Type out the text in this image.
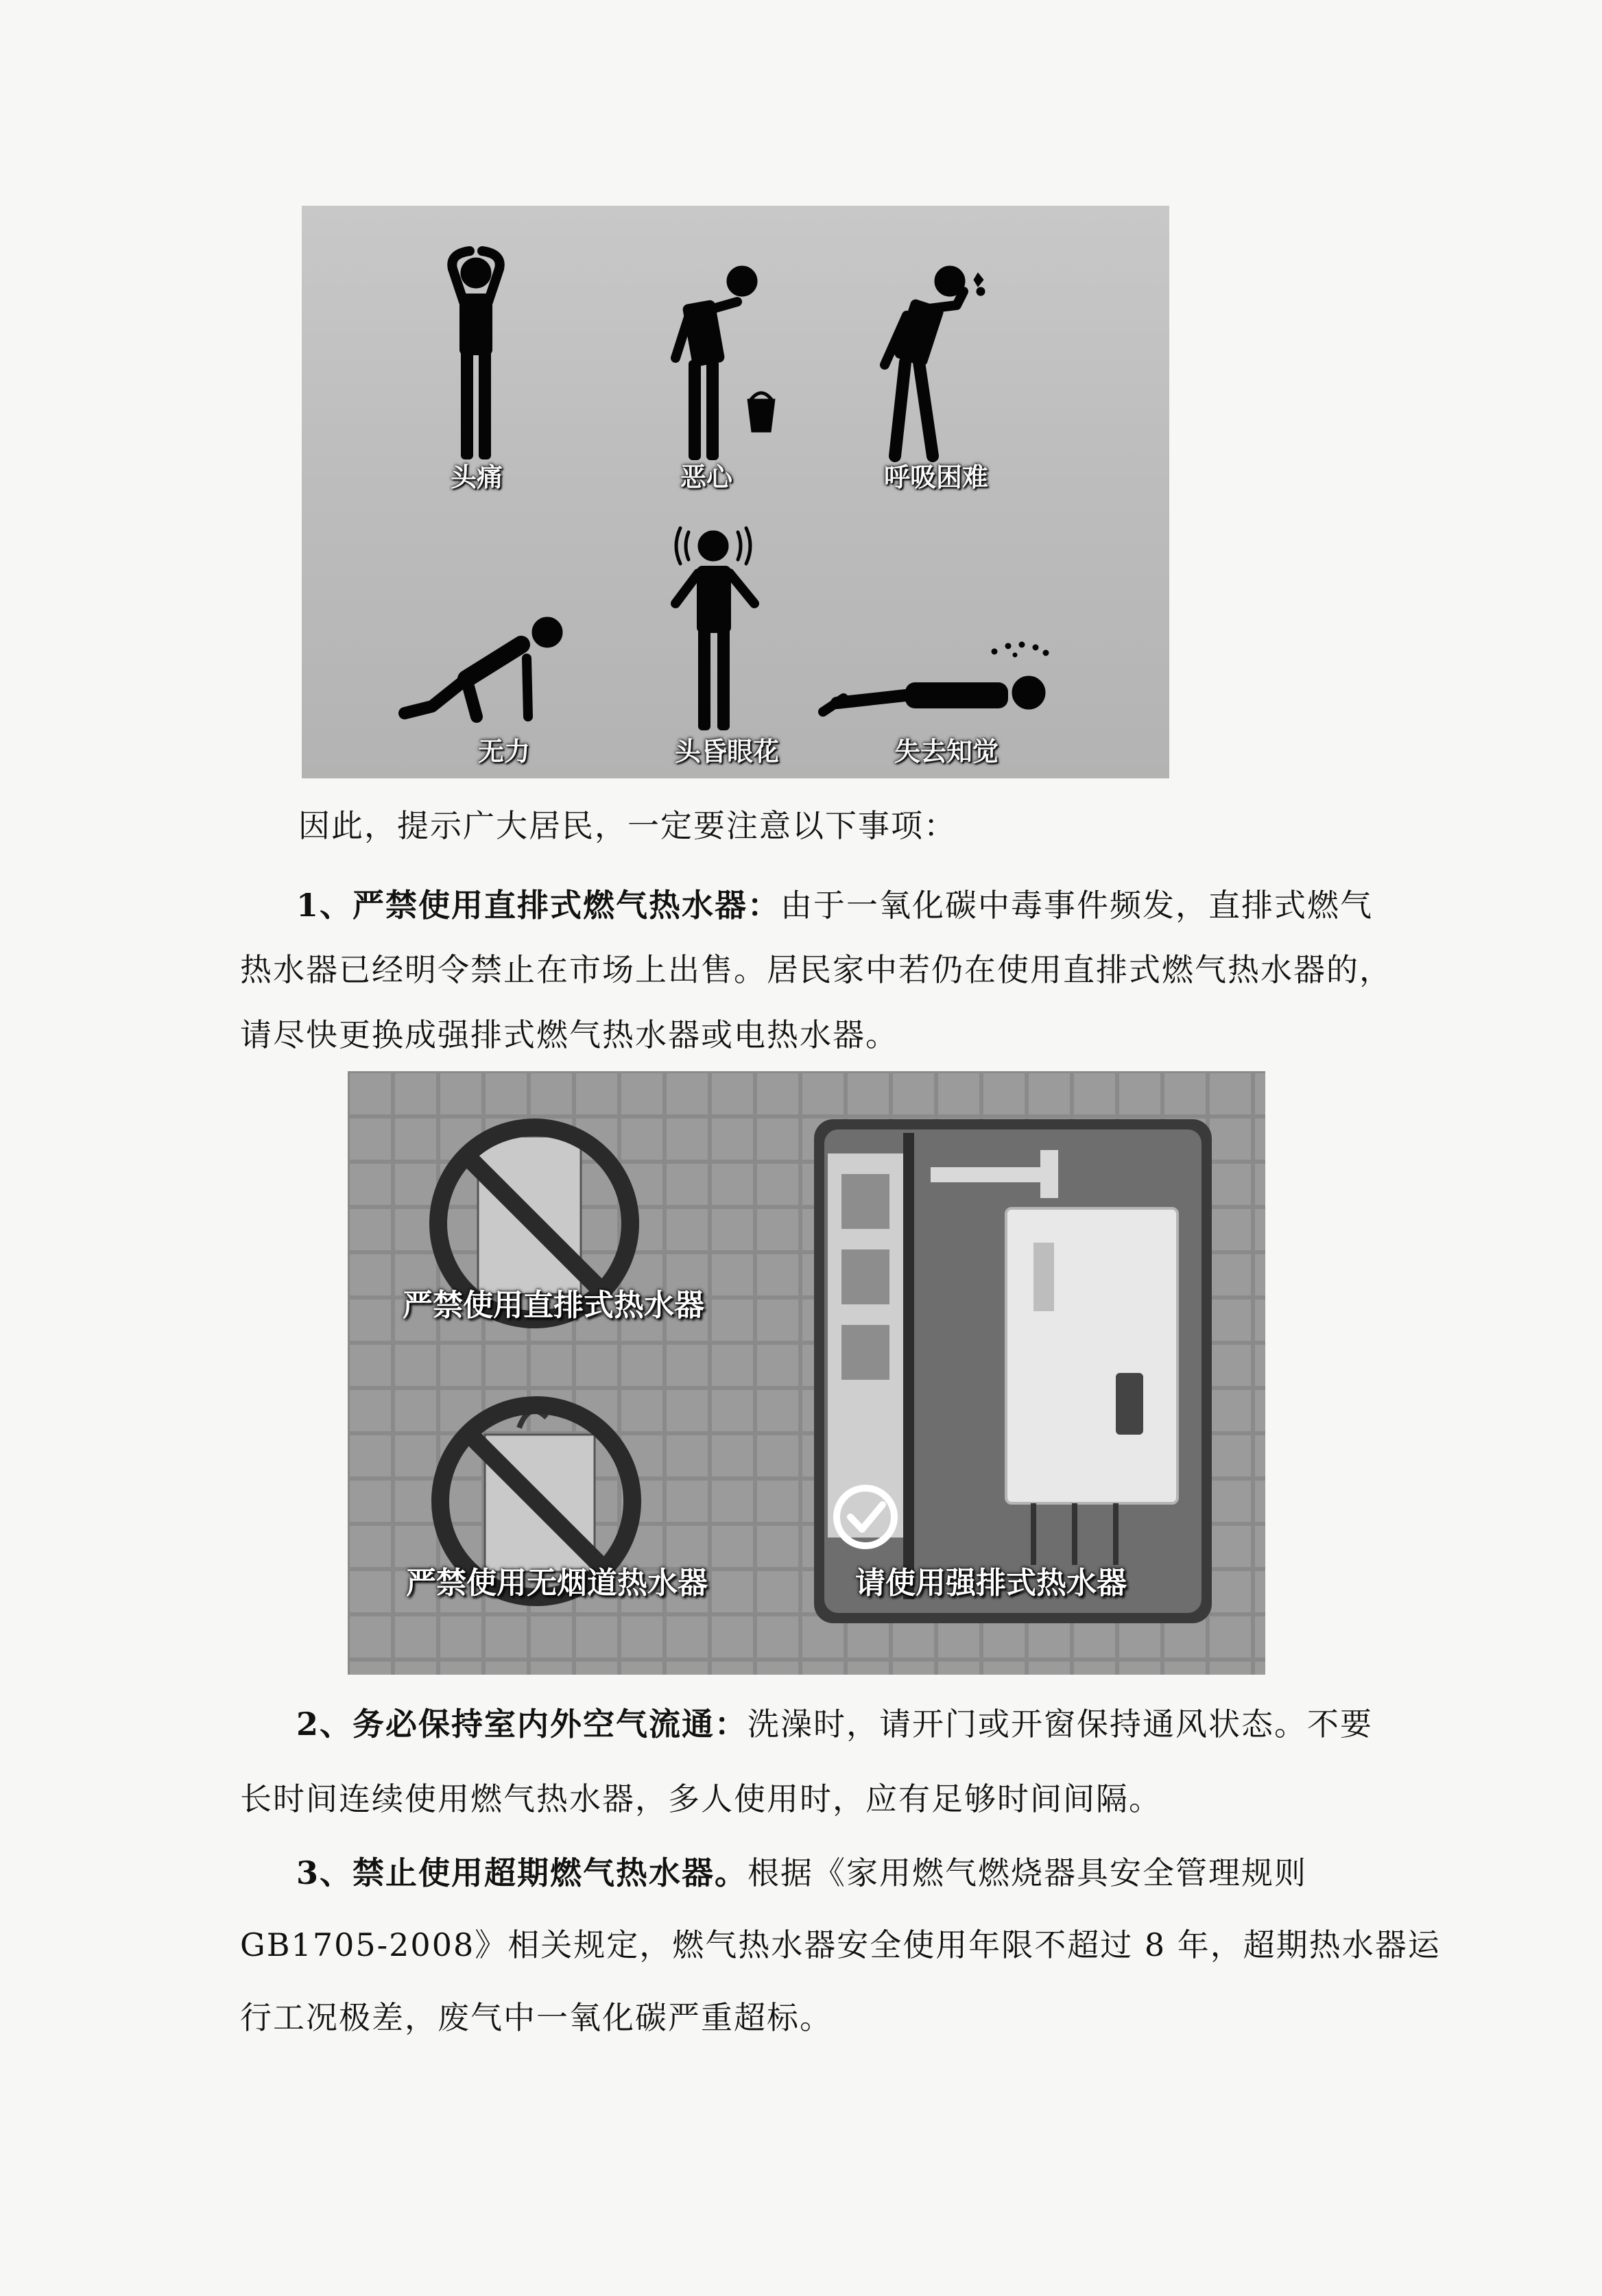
头痛	恶心	呼吸困难
无力	头昏眼花	失去知觉
因此，提示广大居民，一定要注意以下事项：
1、严禁使用直排式燃气热水器：由于一氧化碳中毒事件频发，直排式燃气
热水器已经明令禁止在市场上出售。居民家中若仍在使用直排式燃气热水器的，
请尽快更换成强排式燃气热水器或电热水器。
严禁使用直排式热水器
严禁使用无烟道热水器	请使用强排式热水器
2、务必保持室内外空气流通：洗澡时，请开门或开窗保持通风状态。不要
长时间连续使用燃气热水器，多人使用时，应有足够时间间隔。
3、禁止使用超期燃气热水器。根据《家用燃气燃烧器具安全管理规则
GB1705-2008》相关规定，燃气热水器安全使用年限不超过 8 年，超期热水器运
行工况极差，废气中一氧化碳严重超标。
